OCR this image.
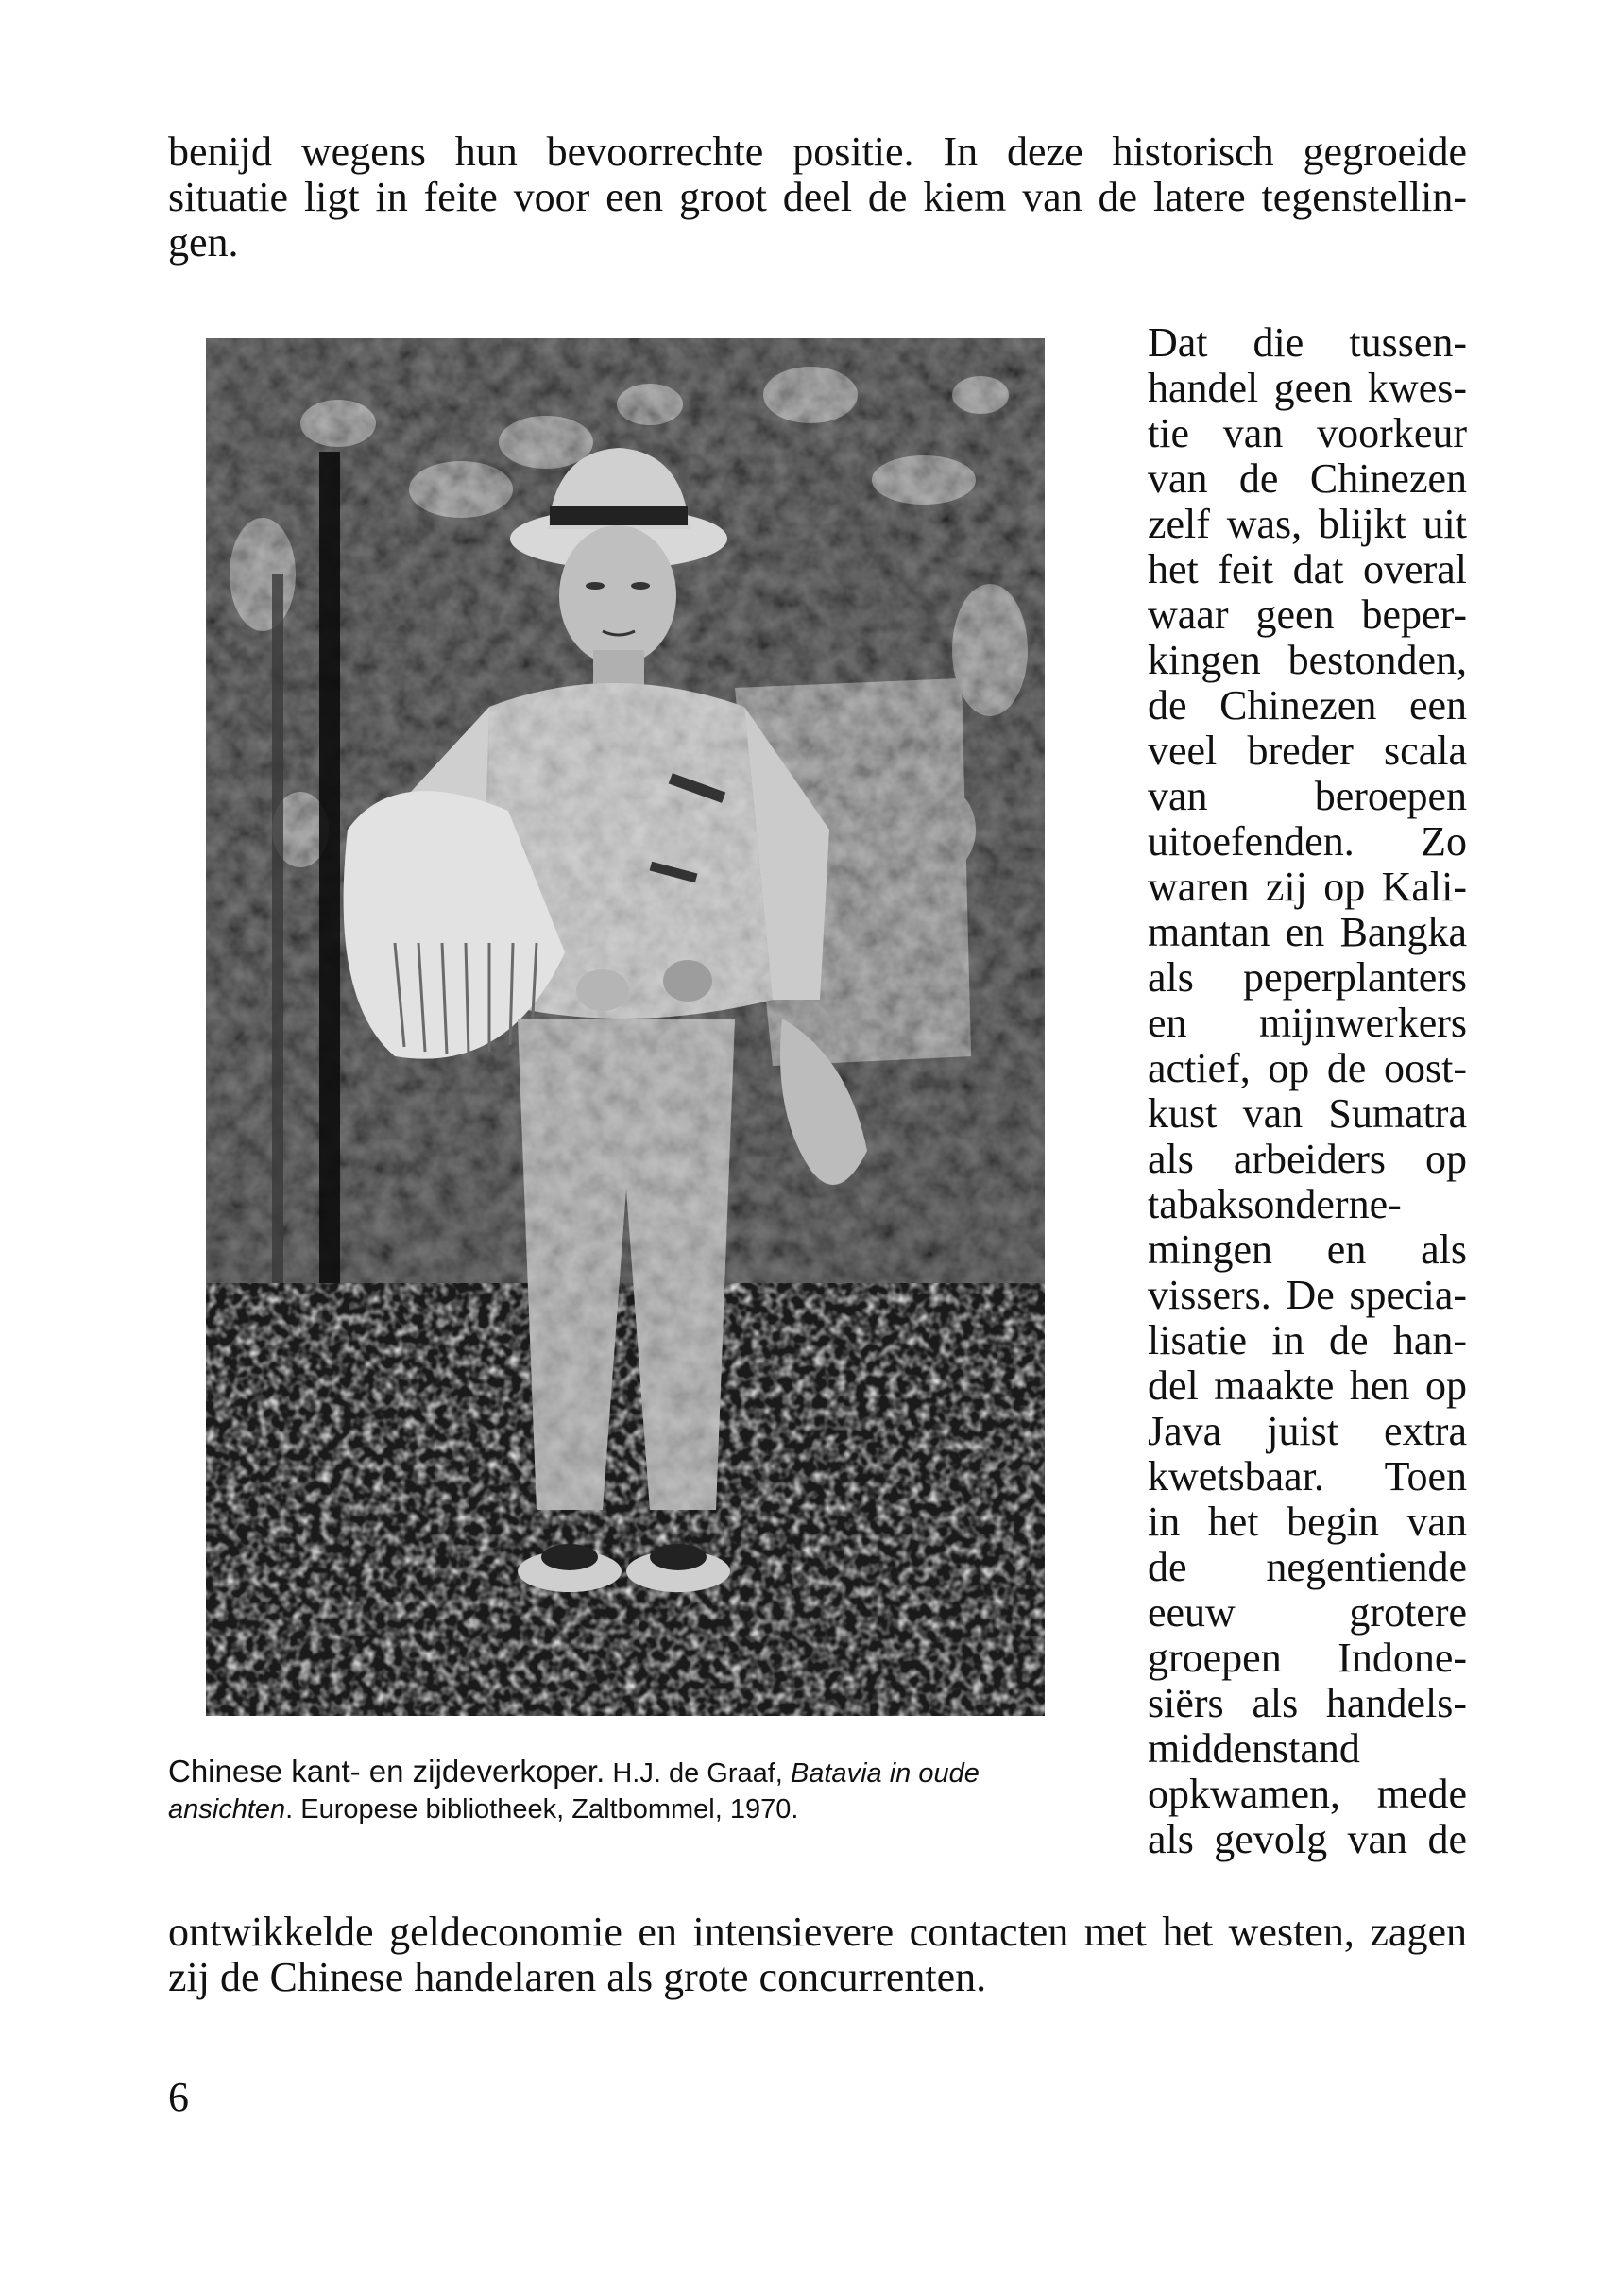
benijd wegens hun bevoorrechte positie. In deze historisch gegroeide
situatie ligt in feite voor een groot deel de kiem van de latere tegenstellin-
gen.
Dat die tussen-
handel geen kwes-
tie van voorkeur
van de Chinezen
zelf was, blijkt uit
het feit dat overal
waar geen beper-
kingen bestonden,
de Chinezen een
veel breder scala
van beroepen
uitoefenden. Zo
waren zij op Kali-
mantan en Bangka
als peperplanters
en mijnwerkers
actief, op de oost-
kust van Sumatra
als arbeiders op
tabaksonderne-
mingen en als
vissers. De specia-
lisatie in de han-
del maakte hen op
Java juist extra
kwetsbaar. Toen
in het begin van
de negentiende
eeuw grotere
groepen Indone-
siërs als handels-
middenstand
opkwamen, mede
als gevolg van de
Chinese kant- en zijdeverkoper. H.J. de Graaf, Batavia in oude
ansichten. Europese bibliotheek, Zaltbommel, 1970.
ontwikkelde geldeconomie en intensievere contacten met het westen, zagen
zij de Chinese handelaren als grote concurrenten.
6
